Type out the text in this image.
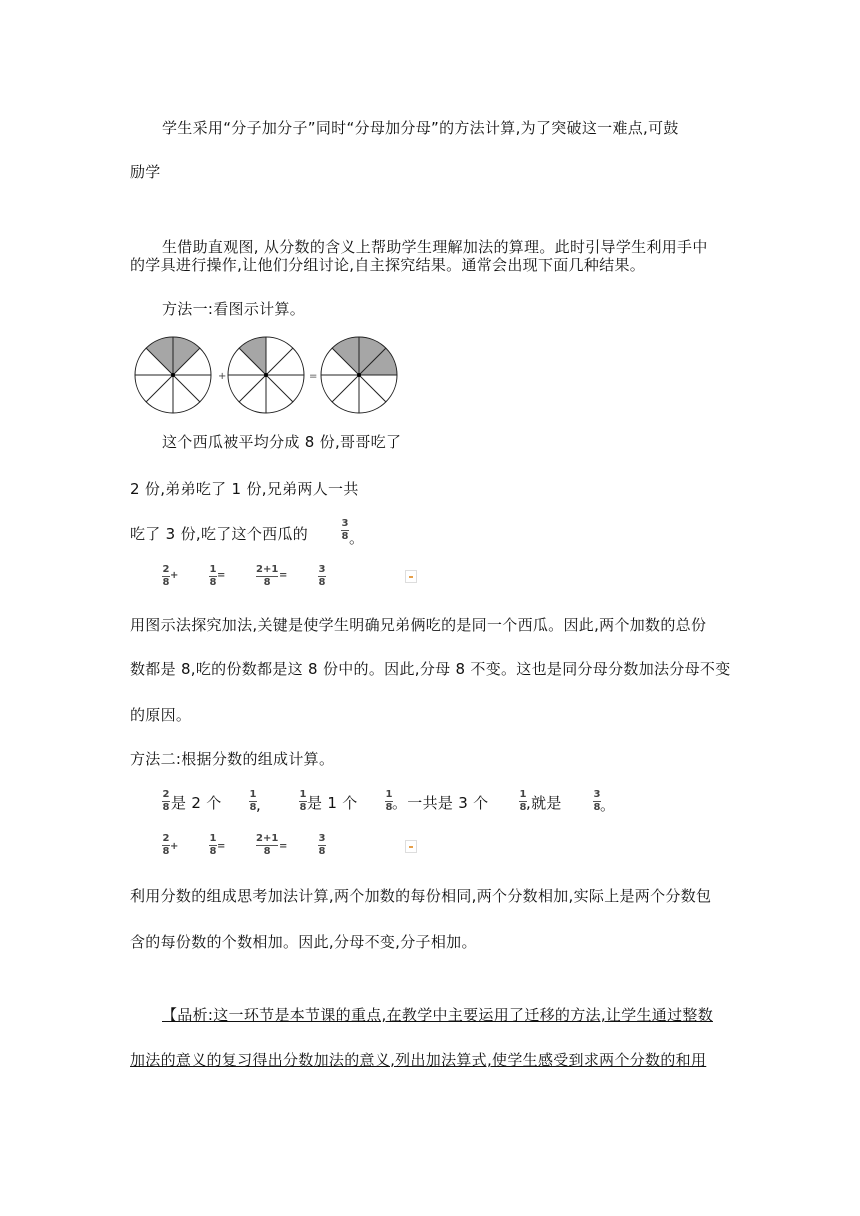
学生采用“分子加分子”同时“分母加分母”的方法计算,为了突破这一难点,可鼓
励学
生借助直观图, 从分数的含义上帮助学生理解加法的算理。此时引导学生利用手中
的学具进行操作,让他们分组讨论,自主探究结果。通常会出现下面几种结果。
方法一:看图示计算。
+	=
这个西瓜被平均分成 8 份,哥哥吃了
2 份,弟弟吃了 1 份,兄弟两人一共
吃了 3 份,吃了这个西瓜的
3
8 。
2
8
+
1
8
=
2+1
8
=
3
8
用图示法探究加法,关键是使学生明确兄弟俩吃的是同一个西瓜。因此,两个加数的总份
数都是 8,吃的份数都是这 8 份中的。因此,分母 8 不变。这也是同分母分数加法分母不变
的原因。
方法二:根据分数的组成计算。
2
8 是 2 个	1
8 ,
1
8 是 1 个	1
8 。一共是 3 个	1
8 ,就是	3
8 。
2
8 +
1
8 =
2+1
8 =
3
8
利用分数的组成思考加法计算,两个加数的每份相同,两个分数相加,实际上是两个分数包
含的每份数的个数相加。因此,分母不变,分子相加。
【品析:这一环节是本节课的重点,在教学中主要运用了迁移的方法,让学生通过整数
加法的意义的复习得出分数加法的意义,列出加法算式,使学生感受到求两个分数的和用
